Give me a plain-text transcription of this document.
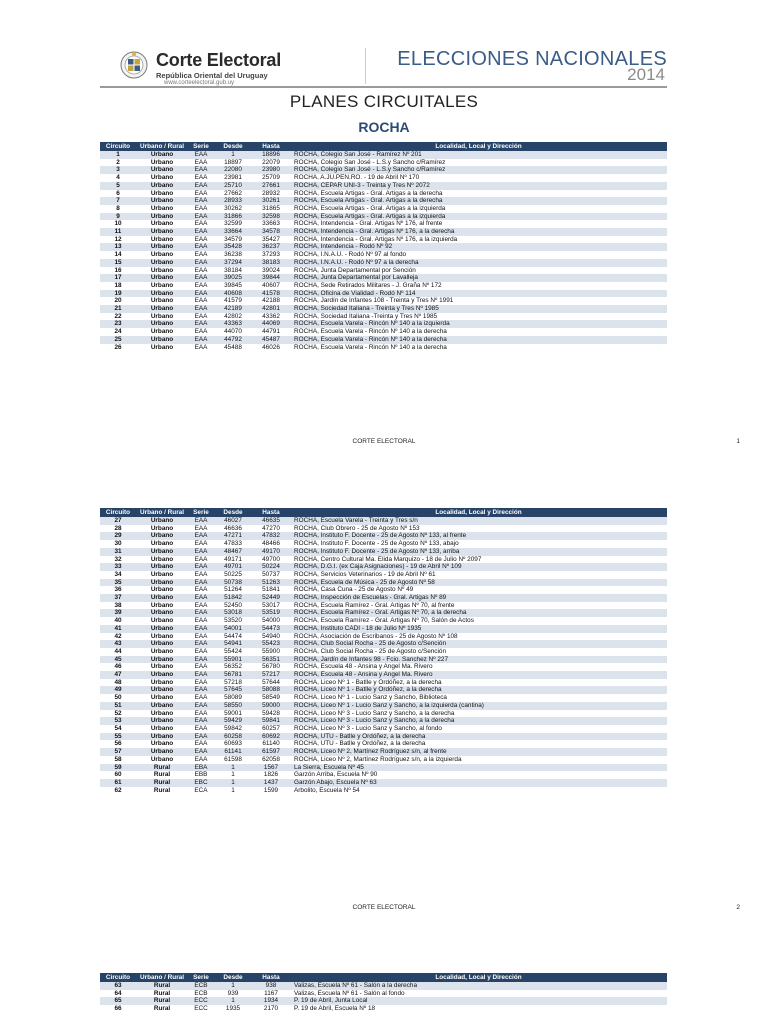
Corte Electoral
República Oriental del Uruguay
www.corteelectoral.gub.uy
ELECCIONES NACIONALES
2014
PLANES CIRCUITALES
ROCHA
Circuito	Urbano / Rural	Serie	Desde	Hasta	Localidad, Local y Dirección
1	Urbano	EAA	1	18896	ROCHA, Colegio San José - Ramírez Nº 201
2	Urbano	EAA	18897	22079	ROCHA, Colegio San José - L.S.y Sancho c/Ramírez
3	Urbano	EAA	22080	23980	ROCHA, Colegio San José - L.S.y Sancho c/Ramírez
4	Urbano	EAA	23981	25709	ROCHA, A.JU.PEN.RO. - 19 de Abril Nº 170
5	Urbano	EAA	25710	27661	ROCHA, CEPAR UNI-3 - Treinta y Tres Nº 2072
6	Urbano	EAA	27662	28932	ROCHA, Escuela Artigas - Gral. Artigas a la derecha
7	Urbano	EAA	28933	30261	ROCHA, Escuela Artigas - Gral. Artigas a la derecha
8	Urbano	EAA	30262	31865	ROCHA, Escuela Artigas - Gral. Artigas a la izquierda
9	Urbano	EAA	31866	32598	ROCHA, Escuela Artigas - Gral. Artigas a la izquierda
10	Urbano	EAA	32599	33663	ROCHA, Intendencia - Gral. Artigas Nº 176, al frente
11	Urbano	EAA	33664	34578	ROCHA, Intendencia - Gral. Artigas Nº 176, a la derecha
12	Urbano	EAA	34579	35427	ROCHA, Intendencia - Gral. Artigas Nº 176, a la izquierda
13	Urbano	EAA	35428	36237	ROCHA, Intendencia - Rodó Nº 92
14	Urbano	EAA	36238	37293	ROCHA, I.N.A.U. - Rodó Nº 97 al fondo
15	Urbano	EAA	37294	38183	ROCHA, I.N.A.U. - Rodó Nº 97 a la derecha
16	Urbano	EAA	38184	39024	ROCHA, Junta Departamental por Sención
17	Urbano	EAA	39025	39844	ROCHA, Junta Departamental por Lavalleja
18	Urbano	EAA	39845	40607	ROCHA, Sede Retirados Militares - J. Graña Nº 172
19	Urbano	EAA	40608	41578	ROCHA, Oficina de Vialidad - Rodó Nº 114
20	Urbano	EAA	41579	42188	ROCHA, Jardín de Infantes 108 - Treinta y Tres Nº 1991
21	Urbano	EAA	42189	42801	ROCHA, Sociedad Italiana - Treinta y Tres Nº 1985
22	Urbano	EAA	42802	43362	ROCHA, Sociedad Italiana -Treinta y Tres Nº 1985
23	Urbano	EAA	43363	44069	ROCHA, Escuela Varela - Rincón Nº 140 a la izquierda
24	Urbano	EAA	44070	44791	ROCHA, Escuela Varela - Rincón Nº 140 a la derecha
25	Urbano	EAA	44792	45487	ROCHA, Escuela Varela - Rincón Nº 140 a la derecha
26	Urbano	EAA	45488	46026	ROCHA, Escuela Varela - Rincón Nº 140 a la derecha
CORTE ELECTORAL	1
Circuito	Urbano / Rural	Serie	Desde	Hasta	Localidad, Local y Dirección
27	Urbano	EAA	46027	46635	ROCHA, Escuela Varela - Treinta y Tres s/n
28	Urbano	EAA	46636	47270	ROCHA, Club Obrero - 25 de Agosto Nº 153
29	Urbano	EAA	47271	47832	ROCHA, Instituto F. Docente - 25 de Agosto Nº 133, al frente
30	Urbano	EAA	47833	48466	ROCHA, Instituto F. Docente - 25 de Agosto Nº 133, abajo
31	Urbano	EAA	48467	49170	ROCHA, Instituto F. Docente - 25 de Agosto Nº 133, arriba
32	Urbano	EAA	49171	49700	ROCHA, Centro Cultural Ma. Elida Marquizo - 18 de Julio Nº 2097
33	Urbano	EAA	49701	50224	ROCHA, D.G.I. (ex Caja Asignaciones) - 19 de Abril Nº 109
34	Urbano	EAA	50225	50737	ROCHA, Servicios Veterinarios - 19 de Abril Nº 61
35	Urbano	EAA	50738	51263	ROCHA, Escuela de Música - 25 de Agosto Nº 58
36	Urbano	EAA	51264	51841	ROCHA, Casa Cuna - 25 de Agosto Nº 49
37	Urbano	EAA	51842	52449	ROCHA, Inspección de Escuelas - Gral. Artigas Nº 89
38	Urbano	EAA	52450	53017	ROCHA, Escuela Ramírez - Gral. Artigas Nº 70, al frente
39	Urbano	EAA	53018	53519	ROCHA, Escuela Ramírez - Gral. Artigas Nº 70, a la derecha
40	Urbano	EAA	53520	54000	ROCHA, Escuela Ramírez - Gral. Artigas Nº 70, Salón de Actos
41	Urbano	EAA	54001	54473	ROCHA, Instituto CADI - 18 de Julio Nº 1935
42	Urbano	EAA	54474	54940	ROCHA, Asociación de Escribanos - 25 de Agosto Nº 108
43	Urbano	EAA	54941	55423	ROCHA, Club Social Rocha - 25 de Agosto c/Sención
44	Urbano	EAA	55424	55900	ROCHA, Club Social Rocha - 25 de Agosto c/Sención
45	Urbano	EAA	55901	56351	ROCHA, Jardín de Infantes 98 - Fcio. Sanchez Nº 227
46	Urbano	EAA	56352	56780	ROCHA, Escuela 48 - Ansina y Angel Ma. Rivero
47	Urbano	EAA	56781	57217	ROCHA, Escuela 48 - Ansina y Angel Ma. Rivero
48	Urbano	EAA	57218	57644	ROCHA, Liceo Nº 1 - Batlle y Ordóñez, a la derecha
49	Urbano	EAA	57645	58088	ROCHA, Liceo Nº 1 - Batlle y Ordóñez, a la derecha
50	Urbano	EAA	58089	58549	ROCHA, Liceo Nº 1 - Lucio Sanz y Sancho, Biblioteca
51	Urbano	EAA	58550	59000	ROCHA, Liceo Nº 1 - Lucio Sanz y Sancho, a la izquierda (cantina)
52	Urbano	EAA	59001	59428	ROCHA, Liceo Nº 3 - Lucio Sanz y Sancho, a la derecha
53	Urbano	EAA	59429	59841	ROCHA, Liceo Nº 3 - Lucio Sanz y Sancho, a la derecha
54	Urbano	EAA	59842	60257	ROCHA, Liceo Nº 3 - Lucio Sanz y Sancho, al fondo
55	Urbano	EAA	60258	60692	ROCHA, UTU - Batlle y Ordóñez, a la derecha
56	Urbano	EAA	60693	61140	ROCHA, UTU - Batlle y Ordóñez, a la derecha
57	Urbano	EAA	61141	61597	ROCHA, Liceo Nº 2, Martínez Rodríguez s/n, al frente
58	Urbano	EAA	61598	62058	ROCHA, Liceo Nº 2, Martínez Rodríguez s/n, a la izquierda
59	Rural	EBA	1	1567	La Sierra, Escuela Nº 45
60	Rural	EBB	1	1826	Garzón Arriba, Escuela Nº 90
61	Rural	EBC	1	1437	Garzón Abajo, Escuela Nº 63
62	Rural	ECA	1	1599	Arbolito, Escuela Nº 54
CORTE ELECTORAL	2
Circuito	Urbano / Rural	Serie	Desde	Hasta	Localidad, Local y Dirección
63	Rural	ECB	1	938	Valizas, Escuela Nº 61 - Salón a la derecha
64	Rural	ECB	939	1167	Valizas, Escuela Nº 61 - Salón al fondo
65	Rural	ECC	1	1934	P. 19 de Abril, Junta Local
66	Rural	ECC	1935	2170	P. 19 de Abril, Escuela Nº 18
